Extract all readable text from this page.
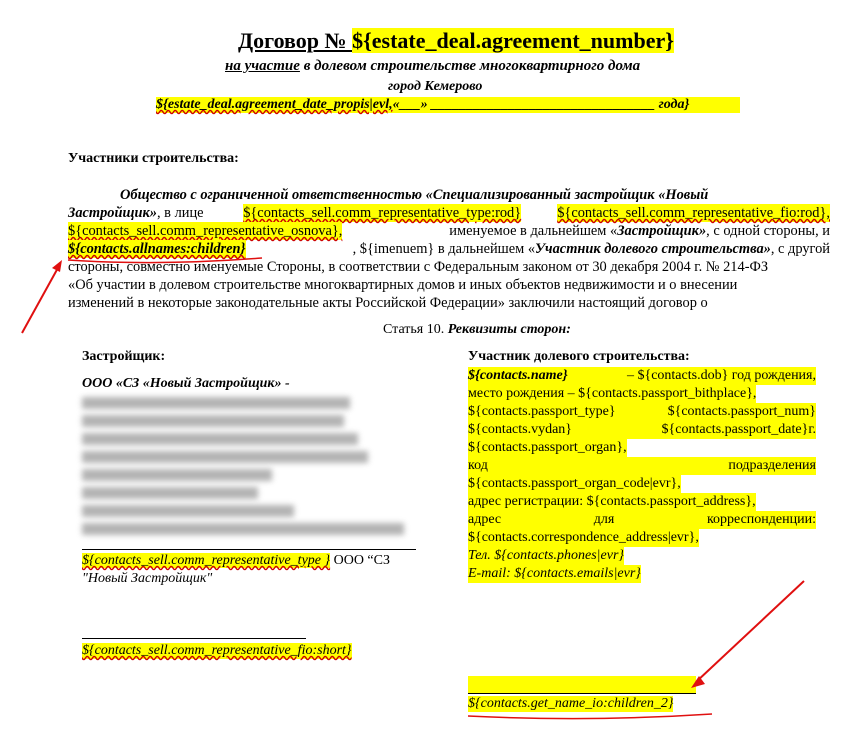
Договор № ${estate_deal.agreement_number}
на участие в долевом строительстве многоквартирного дома
город Кемерово
${estate_deal.agreement_date_propis|evl,«___» ________________________________ года}
Участники строительства:
Общество с ограниченной ответственностью «Специализированный застройщик «Новый
Застройщик», в лице	${contacts_sell.comm_representative_type:rod}	${contacts_sell.comm_representative_fio:rod},
${contacts_sell.comm_representative_osnova},	именуемое в дальнейшем «Застройщик», с одной стороны, и
${contacts.allnames:children}	, ${imenuem} в дальнейшем «Участник долевого строительства», с другой
стороны, совместно именуемые Стороны, в соответствии с Федеральным законом от 30 декабря 2004 г. № 214-ФЗ
«Об участии в долевом строительстве многоквартирных домов и иных объектов недвижимости и о внесении
изменений в некоторые законодательные акты Российской Федерации» заключили настоящий договор о
Статья 10. Реквизиты сторон:
Застройщик:
ООО «СЗ «Новый Застройщик» -
${contacts_sell.comm_representative_type } ООО “СЗ
"Новый Застройщик"
${contacts_sell.comm_representative_fio:short}
Участник долевого строительства:
${contacts.name}	– ${contacts.dob} год рождения,
место рождения – ${contacts.passport_bithplace},
${contacts.passport_type}	${contacts.passport_num}
${contacts.vydan}	${contacts.passport_date}г.
${contacts.passport_organ},
код	подразделения
${contacts.passport_organ_code|evr},
адрес регистрации: ${contacts.passport_address},
адрес	для	корреспонденции:
${contacts.correspondence_address|evr},
Тел. ${contacts.phones|evr}
E-mail: ${contacts.emails|evr}
${contacts.get_name_io:children_2}
